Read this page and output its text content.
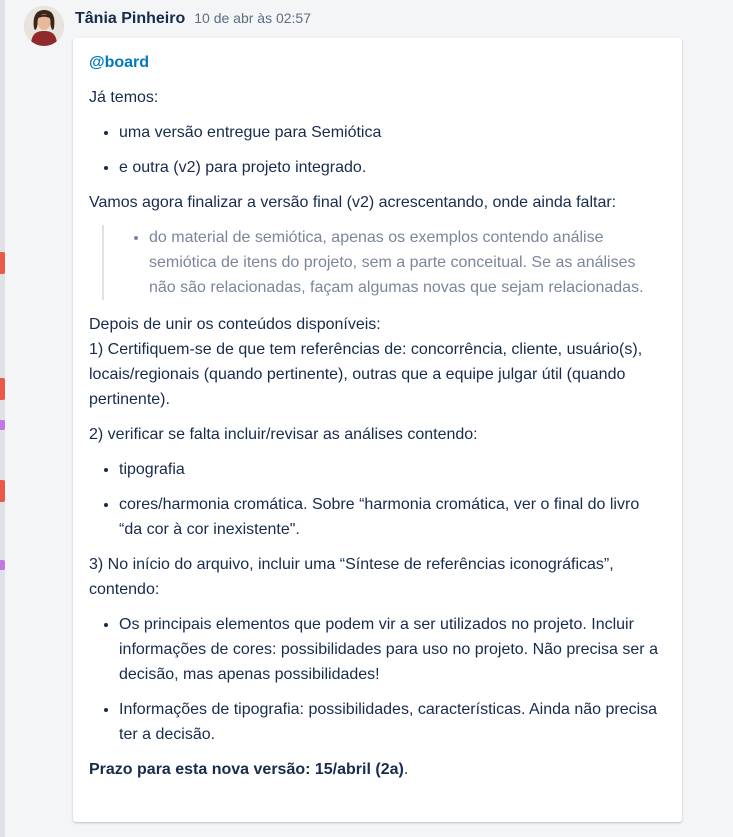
Tânia Pinheiro 10 de abr às 02:57

@board

Já temos:

• uma versão entregue para Semiótica
• e outra (v2) para projeto integrado.

Vamos agora finalizar a versão final (v2) acrescentando, onde ainda faltar:

• do material de semiótica, apenas os exemplos contendo análise semiótica de itens do projeto, sem a parte conceitual. Se as análises não são relacionadas, façam algumas novas que sejam relacionadas.

Depois de unir os conteúdos disponíveis:
1) Certifiquem-se de que tem referências de: concorrência, cliente, usuário(s), locais/regionais (quando pertinente), outras que a equipe julgar útil (quando pertinente).

2) verificar se falta incluir/revisar as análises contendo:

• tipografia
• cores/harmonia cromática. Sobre “harmonia cromática, ver o final do livro “da cor à cor inexistente".

3) No início do arquivo, incluir uma “Síntese de referências iconográficas”, contendo:

• Os principais elementos que podem vir a ser utilizados no projeto. Incluir informações de cores: possibilidades para uso no projeto. Não precisa ser a decisão, mas apenas possibilidades!
• Informações de tipografia: possibilidades, características. Ainda não precisa ter a decisão.

Prazo para esta nova versão: 15/abril (2a).
